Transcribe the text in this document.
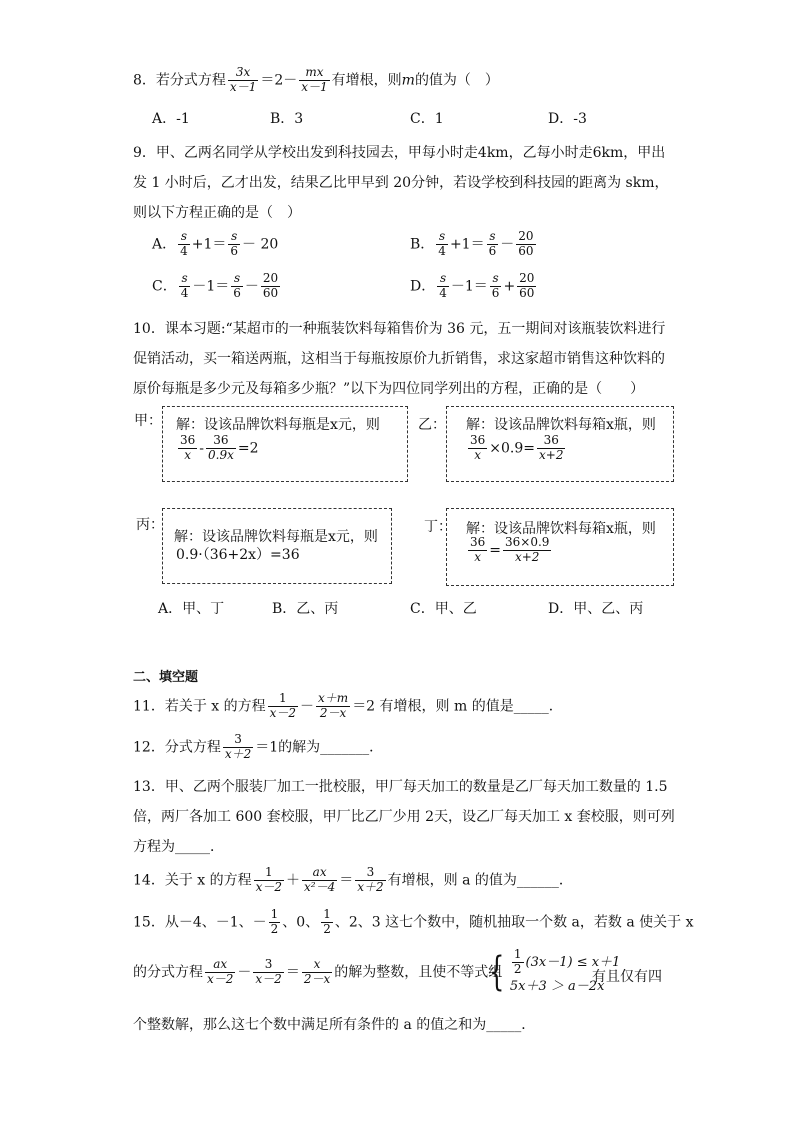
8．若分式方程 $\frac{3x}{x-1} =2- \frac{mx}{x-1}$ 有增根，则m的值为（　）
A．-1	B．3	C．1	D．-3
9．甲、乙两名同学从学校出发到科技园去，甲每小时走4km，乙每小时走6km，甲出
发 1 小时后，乙才出发，结果乙比甲早到 20分钟，若设学校到科技园的距离为 skm，
则以下方程正确的是（　）
A． $\frac{s}{4} +1= \frac{s}{6} - 20$	B． $\frac{s}{4} +1= \frac{s}{6} - \frac{20}{60}$
C． $\frac{s}{4} -1= \frac{s}{6} - \frac{20}{60}$	D． $\frac{s}{4} -1= \frac{s}{6} + \frac{20}{60}$
10．课本习题:“某超市的一种瓶装饮料每箱售价为 36 元，五一期间对该瓶装饮料进行
促销活动，买一箱送两瓶，这相当于每瓶按原价九折销售，求这家超市销售这种饮料的
原价每瓶是多少元及每箱多少瓶？”以下为四位同学列出的方程，正确的是（　　）
甲： 解：设该品牌饮料每瓶是x元，则
$\frac{36}{x} - \frac{36}{0.9x} =2$
乙： 解：设该品牌饮料每箱x瓶，则
$\frac{36}{x} \times 0.9= \frac{36}{x+2}$
丙：
解：设该品牌饮料每瓶是x元，则
0.9·（36+2x）=36
丁： 解：设该品牌饮料每箱x瓶，则
$\frac{36}{x} = \frac{36\times 0.9}{x+2}$
A．甲、丁	B．乙、丙	C．甲、乙	D．甲、乙、丙
二、填空题
11．若关于 x 的方程 $\frac{1}{x-2} - \frac{x+m}{2-x} =2$ 有增根，则 m 的值是_____．
12．分式方程 $\frac{3}{x+2} =1$的解为_______．
13．甲、乙两个服装厂加工一批校服，甲厂每天加工的数量是乙厂每天加工数量的 1.5
倍，两厂各加工 600 套校服，甲厂比乙厂少用 2天，设乙厂每天加工 x 套校服，则可列
方程为_____．
14．关于 x 的方程 $\frac{1}{x-2} + \frac{ax}{\text{x²－4}} = \frac{3}{x+2}$ 有增根，则 a 的值为______．
15．从－4、－1、－ $\frac{1}{2}$ 、0、 $\frac{1}{2}$ 、2、3 这七个数中，随机抽取一个数 a，若数 a 使关于 x
的分式方程 $\frac{ax}{x-2} - \frac{3}{x-2} = \frac{x}{2-x}$ 的解为整数，且使不等式组
{ $\frac{1}{2} (3x-1) \le x+1$
5x＋3 ＞ a－2x
有且仅有四
个整数解，那么这七个数中满足所有条件的 a 的值之和为_____．
